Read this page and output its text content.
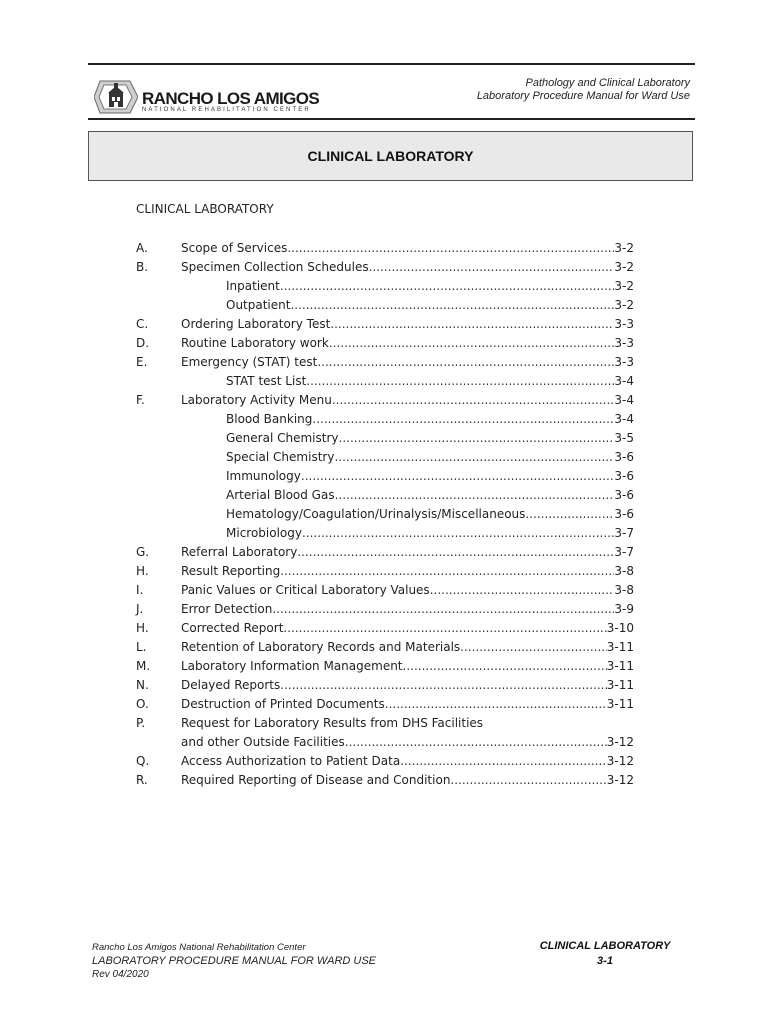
RANCHO LOS AMIGOS
NATIONAL REHABILITATION CENTER
Pathology and Clinical Laboratory
Laboratory Procedure Manual for Ward Use
CLINICAL LABORATORY
CLINICAL LABORATORY
A.	Scope of Services .....	3-2
B.	Specimen Collection Schedules .....	3-2
Inpatient .....	3-2
Outpatient .....	3-2
C.	Ordering Laboratory Test .....	3-3
D.	Routine Laboratory work .....	3-3
E.	Emergency (STAT) test .....	3-3
STAT test List .....	3-4
F.	Laboratory Activity Menu .....	3-4
Blood Banking .....	3-4
General Chemistry .....	3-5
Special Chemistry .....	3-6
Immunology .....	3-6
Arterial Blood Gas .....	3-6
Hematology/Coagulation/Urinalysis/Miscellaneous .....	3-6
Microbiology .....	3-7
G.	Referral Laboratory .....	3-7
H.	Result Reporting .....	3-8
I.	Panic Values or Critical Laboratory Values .....	3-8
J.	Error Detection .....	3-9
H.	Corrected Report .....	3-10
L.	Retention of Laboratory Records and Materials .....	3-11
M.	Laboratory Information Management .....	3-11
N.	Delayed Reports .....	3-11
O.	Destruction of Printed Documents .....	3-11
P.	Request for Laboratory Results from DHS Facilities
and other Outside Facilities .....	3-12
Q.	Access Authorization to Patient Data .....	3-12
R.	Required Reporting of Disease and Condition .....	3-12
Rancho Los Amigos National Rehabilitation Center
LABORATORY PROCEDURE MANUAL FOR WARD USE
Rev 04/2020
CLINICAL LABORATORY
3-1
